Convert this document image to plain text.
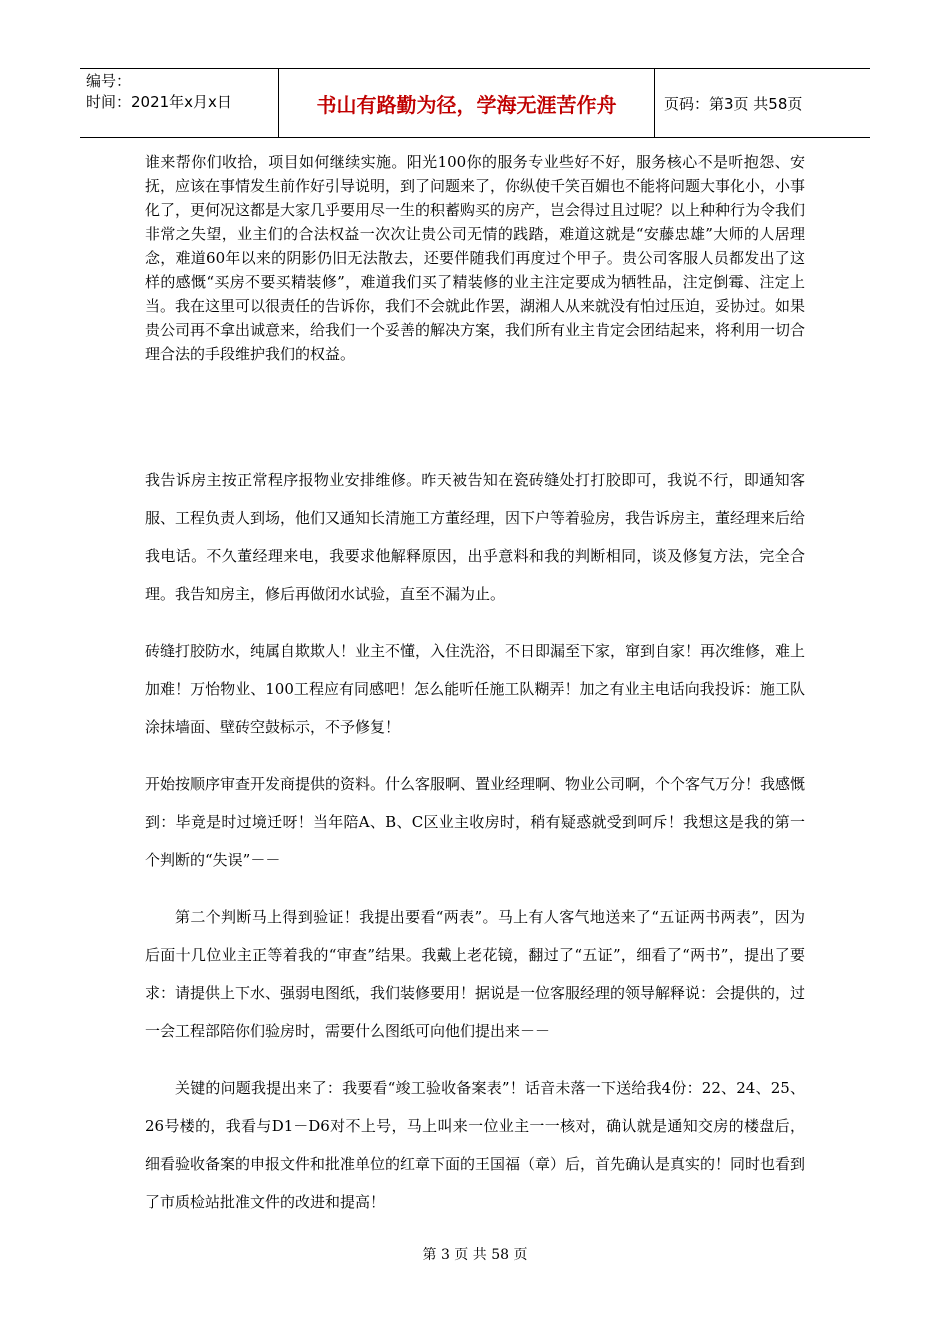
编号：
时间：2021年x月x日	书山有路勤为径，学海无涯苦作舟	页码：第3页 共58页

谁来帮你们收拾，项目如何继续实施。阳光100你的服务专业些好不好，服务核心不是听抱怨、安抚，应该在事情发生前作好引导说明，到了问题来了，你纵使千笑百媚也不能将问题大事化小，小事化了，更何况这都是大家几乎要用尽一生的积蓄购买的房产，岂会得过且过呢？以上种种行为令我们非常之失望，业主们的合法权益一次次让贵公司无情的践踏，难道这就是“安藤忠雄”大师的人居理念，难道60年以来的阴影仍旧无法散去，还要伴随我们再度过个甲子。贵公司客服人员都发出了这样的感慨“买房不要买精装修”，难道我们买了精装修的业主注定要成为牺牲品，注定倒霉、注定上当。我在这里可以很责任的告诉你，我们不会就此作罢，湖湘人从来就没有怕过压迫，妥协过。如果贵公司再不拿出诚意来，给我们一个妥善的解决方案，我们所有业主肯定会团结起来，将利用一切合理合法的手段维护我们的权益。

我告诉房主按正常程序报物业安排维修。昨天被告知在瓷砖缝处打打胶即可，我说不行，即通知客服、工程负责人到场，他们又通知长清施工方董经理，因下户等着验房，我告诉房主，董经理来后给我电话。不久董经理来电，我要求他解释原因，出乎意料和我的判断相同，谈及修复方法，完全合理。我告知房主，修后再做闭水试验，直至不漏为止。

砖缝打胶防水，纯属自欺欺人！业主不懂，入住洗浴，不日即漏至下家，窜到自家！再次维修，难上加难！万怡物业、100工程应有同感吧！怎么能听任施工队糊弄！加之有业主电话向我投诉：施工队涂抹墙面、壁砖空鼓标示，不予修复！

开始按顺序审查开发商提供的资料。什么客服啊、置业经理啊、物业公司啊，个个客气万分！我感慨到：毕竟是时过境迁呀！当年陪A、B、C区业主收房时，稍有疑惑就受到呵斥！我想这是我的第一个判断的“失误”－－

第二个判断马上得到验证！我提出要看“两表”。马上有人客气地送来了“五证两书两表”，因为后面十几位业主正等着我的“审查”结果。我戴上老花镜，翻过了“五证”，细看了“两书”，提出了要求：请提供上下水、强弱电图纸，我们装修要用！据说是一位客服经理的领导解释说：会提供的，过一会工程部陪你们验房时，需要什么图纸可向他们提出来－－

关键的问题我提出来了：我要看“竣工验收备案表”！话音未落一下送给我4份：22、24、25、26号楼的，我看与D1－D6对不上号，马上叫来一位业主一一核对，确认就是通知交房的楼盘后，细看验收备案的申报文件和批准单位的红章下面的王国福（章）后，首先确认是真实的！同时也看到了市质检站批准文件的改进和提高！

第 3 页 共 58 页
